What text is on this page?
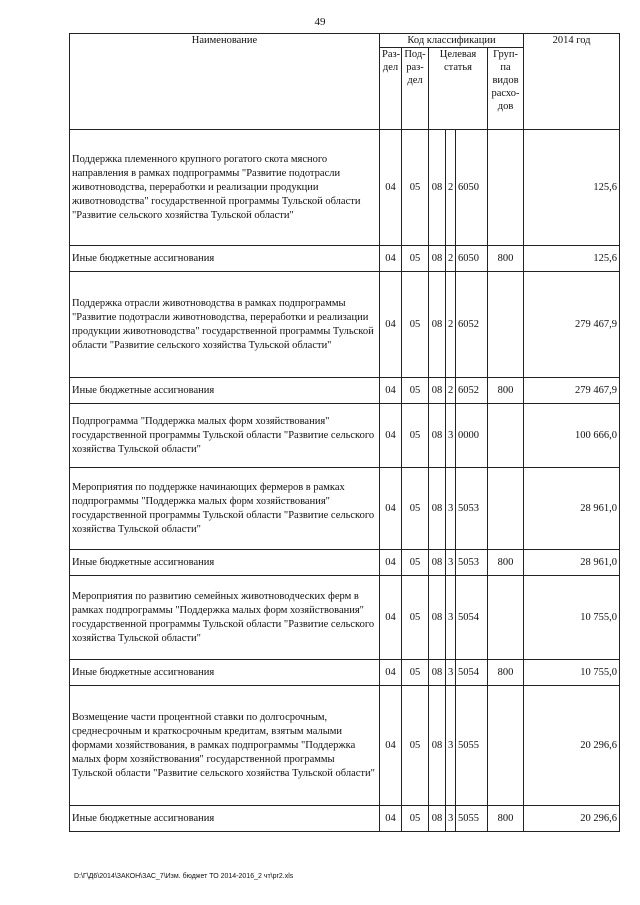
49
Наименование	Код классификации						2014 год
	Раз-дел	Под-раз-дел	Целевая статья			Груп-па видов расхо-дов	
Поддержка племенного крупного рогатого скота мясного направления в рамках подпрограммы "Развитие подотрасли животноводства, переработки и реализации продукции животноводства" государственной программы Тульской области "Развитие сельского хозяйства Тульской области"	04	05	08	2	6050		125,6
Иные бюджетные ассигнования	04	05	08	2	6050	800	125,6
Поддержка отрасли животноводства в рамках подпрограммы "Развитие подотрасли животноводства, переработки и реализации продукции животноводства" государственной программы Тульской области "Развитие сельского хозяйства Тульской области"	04	05	08	2	6052		279 467,9
Иные бюджетные ассигнования	04	05	08	2	6052	800	279 467,9
Подпрограмма "Поддержка малых форм хозяйствования" государственной программы Тульской области "Развитие сельского хозяйства Тульской области"	04	05	08	3	0000		100 666,0
Мероприятия по поддержке начинающих фермеров в рамках подпрограммы "Поддержка малых форм хозяйствования" государственной программы Тульской области "Развитие сельского хозяйства Тульской области"	04	05	08	3	5053		28 961,0
Иные бюджетные ассигнования	04	05	08	3	5053	800	28 961,0
Мероприятия по развитию семейных животноводческих ферм в рамках подпрограммы "Поддержка малых форм хозяйствования" государственной программы Тульской области "Развитие сельского хозяйства Тульской области"	04	05	08	3	5054		10 755,0
Иные бюджетные ассигнования	04	05	08	3	5054	800	10 755,0
Возмещение части процентной ставки по долгосрочным, среднесрочным и краткосрочным кредитам, взятым малыми формами хозяйствования, в рамках подпрограммы "Поддержка малых форм хозяйствования" государственной программы Тульской области "Развитие сельского хозяйства Тульской области"	04	05	08	3	5055		20 296,6
Иные бюджетные ассигнования	04	05	08	3	5055	800	20 296,6
D:\Г\Д6\2014\ЗАКОН\ЗАС_7\Изм. бюджет ТО 2014-2016_2 чт\pr2.xls
